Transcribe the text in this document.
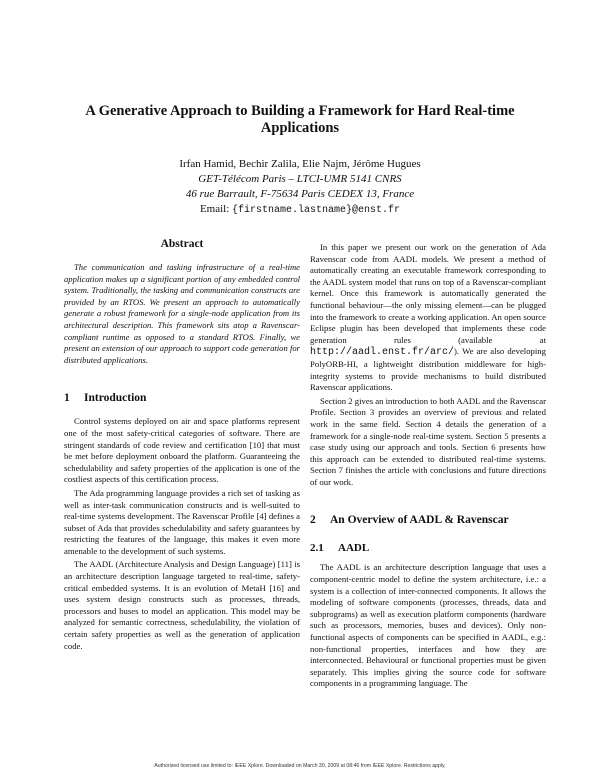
A Generative Approach to Building a Framework for Hard Real-time Applications
Irfan Hamid, Bechir Zalila, Elie Najm, Jérôme Hugues
GET-Télécom Paris – LTCI-UMR 5141 CNRS
46 rue Barrault, F-75634 Paris CEDEX 13, France
Email: {firstname.lastname}@enst.fr
Abstract

The communication and tasking infrastructure of a real-time application makes up a significant portion of any embedded control system. Traditionally, the tasking and communication constructs are provided by an RTOS. We present an approach to automatically generate a robust framework for a single-node application from its architectural description. This framework sits atop a Ravenscar-compliant runtime as opposed to a standard RTOS. Finally, we present an extension of our approach to support code generation for distributed applications.

1	Introduction

Control systems deployed on air and space platforms represent one of the most safety-critical categories of software. There are stringent standards of code review and certification [10] that must be met before deployment onboard the platform. Guaranteeing the schedulability and safety properties of the application is one of the costliest aspects of this certification process.

The Ada programming language provides a rich set of tasking as well as inter-task communication constructs and is well-suited to real-time systems development. The Ravenscar Profile [4] defines a subset of Ada that provides schedulability and safety guarantees by restricting the features of the language, this makes it even more amenable to the development of such systems.

The AADL (Architecture Analysis and Design Language) [11] is an architecture description language targeted to real-time, safety-critical embedded systems. It is an evolution of MetaH [16] and uses system design constructs such as processes, threads, processors and buses to model an application. This model may be analyzed for semantic correctness, schedulability, the violation of certain safety properties as well as the generation of application code.

In this paper we present our work on the generation of Ada Ravenscar code from AADL models. We present a method of automatically creating an executable framework corresponding to the AADL system model that runs on top of a Ravenscar-compliant kernel. Once this framework is automatically generated the functional behaviour—the only missing element—can be plugged into the framework to create a working application. An open source Eclipse plugin has been developed that implements these code generation rules (available at http://aadl.enst.fr/arc/). We are also developing PolyORB-HI, a lightweight distribution middleware for high-integrity systems to provide mechanisms to build distributed Ravenscar applications.

Section 2 gives an introduction to both AADL and the Ravenscar Profile. Section 3 provides an overview of previous and related work in the same field. Section 4 details the generation of a framework for a single-node real-time system. Section 5 presents a case study using our approach and tools. Section 6 presents how this approach can be extended to distributed real-time systems. Section 7 finishes the article with conclusions and future directions of our work.

2	An Overview of AADL & Ravenscar
2.1	AADL

The AADL is an architecture description language that uses a component-centric model to define the system architecture, i.e.: a system is a collection of inter-connected components. It allows the modeling of software components (processes, threads, data and subprograms) as well as execution platform components (hardware such as processors, memories, buses and devices). Only non-functional aspects of components can be specified in AADL, e.g.: non-functional properties, interfaces and how they are interconnected. Behavioural or functional properties must be given separately. This implies giving the source code for software components in a programming language. The

Authorized licensed use limited to: IEEE Xplore. Downloaded on March 30, 2009 at 08:46 from IEEE Xplore. Restrictions apply.
